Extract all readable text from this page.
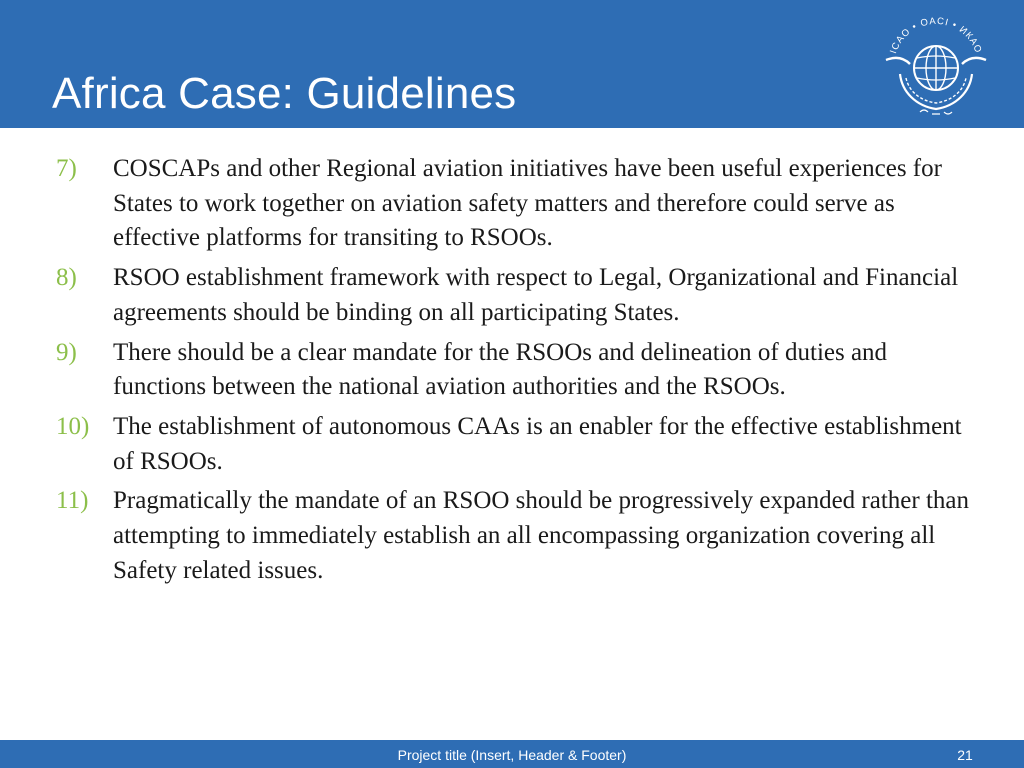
Africa Case: Guidelines
ICAO • OACI • ИКАО
7) COSCAPs and other Regional aviation initiatives have been useful experiences for States to work together on aviation safety matters and therefore could serve as effective platforms for transiting to RSOOs.
8) RSOO establishment framework with respect to Legal, Organizational and Financial agreements should be binding on all participating States.
9) There should be a clear mandate for the RSOOs and delineation of duties and functions between the national aviation authorities and the RSOOs.
10) The establishment of autonomous CAAs is an enabler for the effective establishment of RSOOs.
11) Pragmatically the mandate of an RSOO should be progressively expanded rather than attempting to immediately establish an all encompassing organization covering all Safety related issues.
Project title (Insert, Header & Footer)	21
